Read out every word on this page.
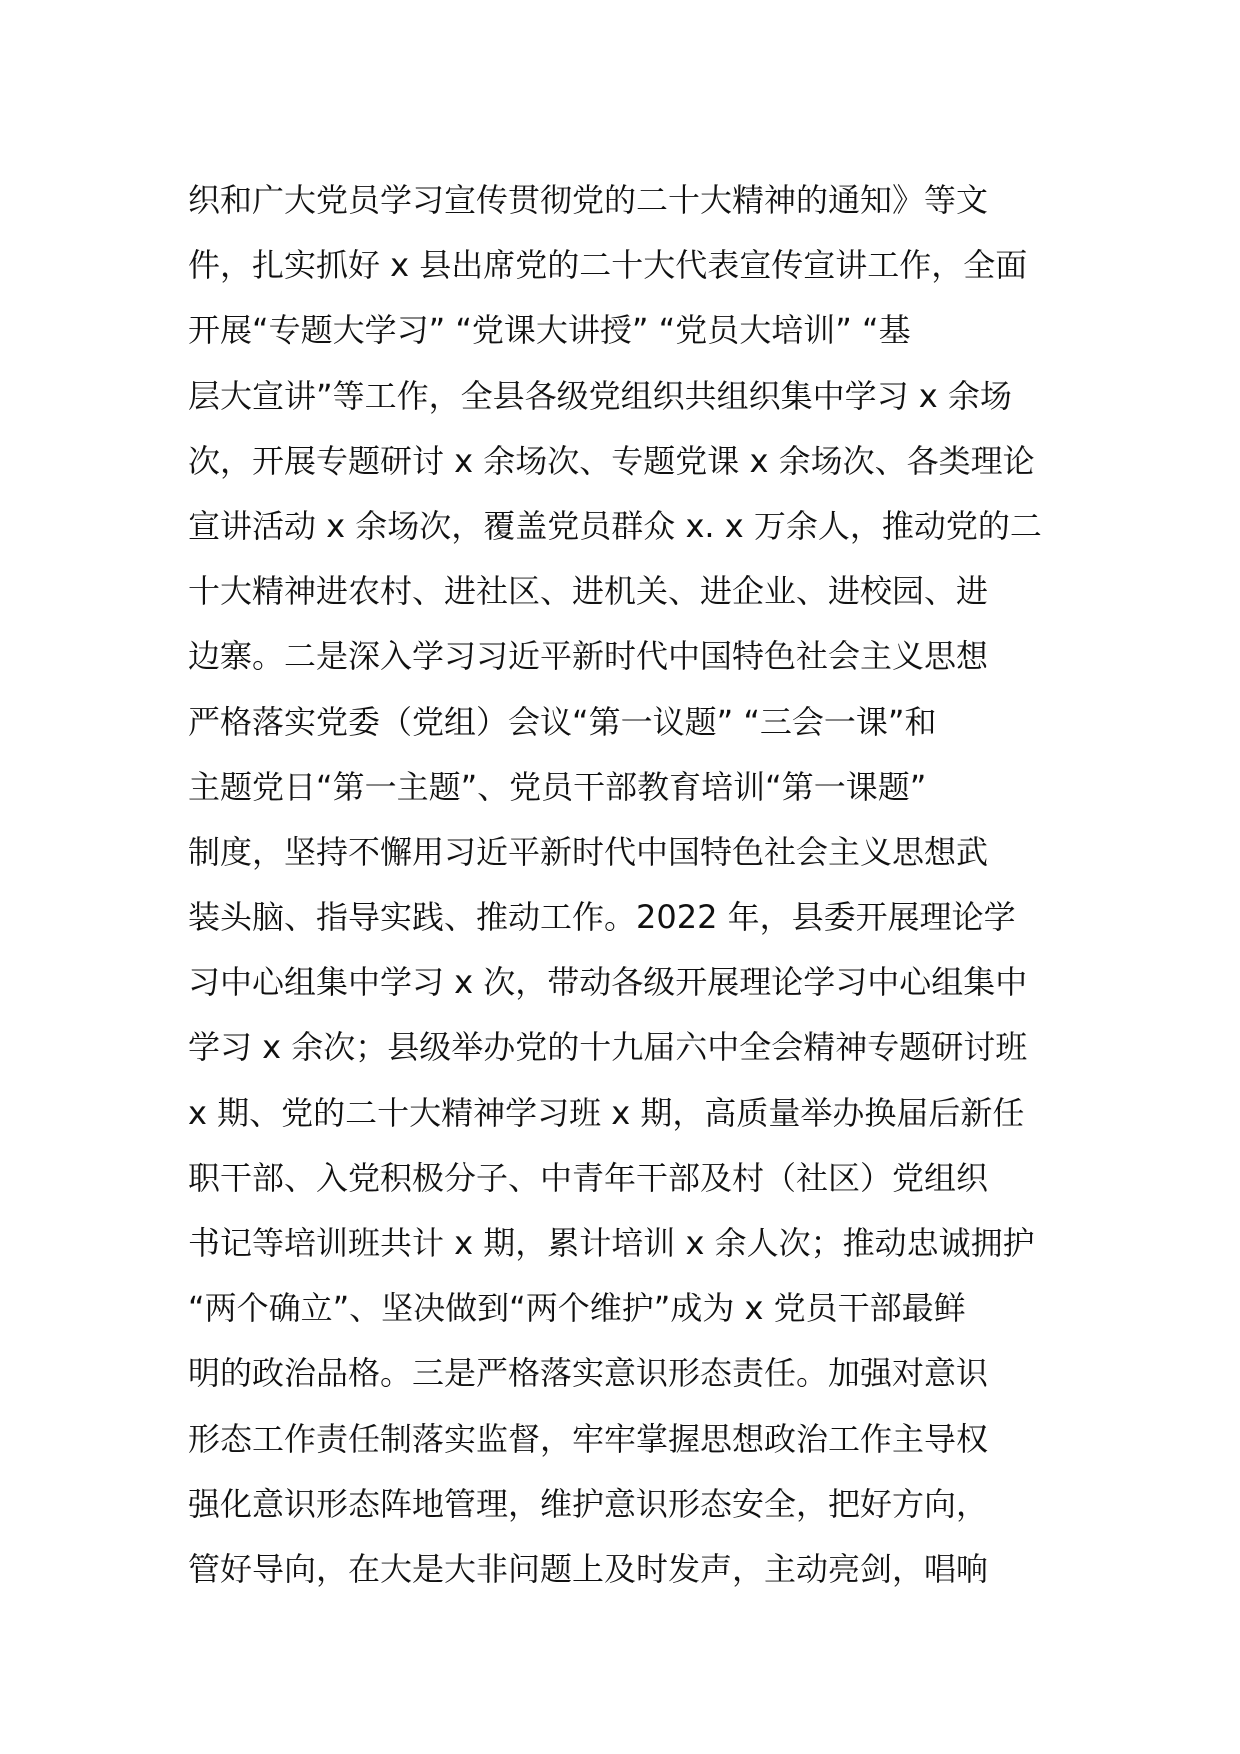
织和广大党员学习宣传贯彻党的二十大精神的通知》等文
件，扎实抓好 x 县出席党的二十大代表宣传宣讲工作，全面
开展“专题大学习” “党课大讲授” “党员大培训” “基
层大宣讲”等工作，全县各级党组织共组织集中学习 x 余场
次，开展专题研讨 x 余场次、专题党课 x 余场次、各类理论
宣讲活动 x 余场次，覆盖党员群众 x. x 万余人，推动党的二
十大精神进农村、进社区、进机关、进企业、进校园、进
边寨。二是深入学习习近平新时代中国特色社会主义思想
严格落实党委（党组）会议“第一议题” “三会一课”和
主题党日“第一主题”、党员干部教育培训“第一课题”
制度，坚持不懈用习近平新时代中国特色社会主义思想武
装头脑、指导实践、推动工作。2022 年，县委开展理论学
习中心组集中学习 x 次，带动各级开展理论学习中心组集中
学习 x 余次；县级举办党的十九届六中全会精神专题研讨班
x 期、党的二十大精神学习班 x 期，高质量举办换届后新任
职干部、入党积极分子、中青年干部及村（社区）党组织
书记等培训班共计 x 期，累计培训 x 余人次；推动忠诚拥护
“两个确立”、坚决做到“两个维护”成为 x 党员干部最鲜
明的政治品格。三是严格落实意识形态责任。加强对意识
形态工作责任制落实监督，牢牢掌握思想政治工作主导权
强化意识形态阵地管理，维护意识形态安全，把好方向，
管好导向，在大是大非问题上及时发声，主动亮剑，唱响
